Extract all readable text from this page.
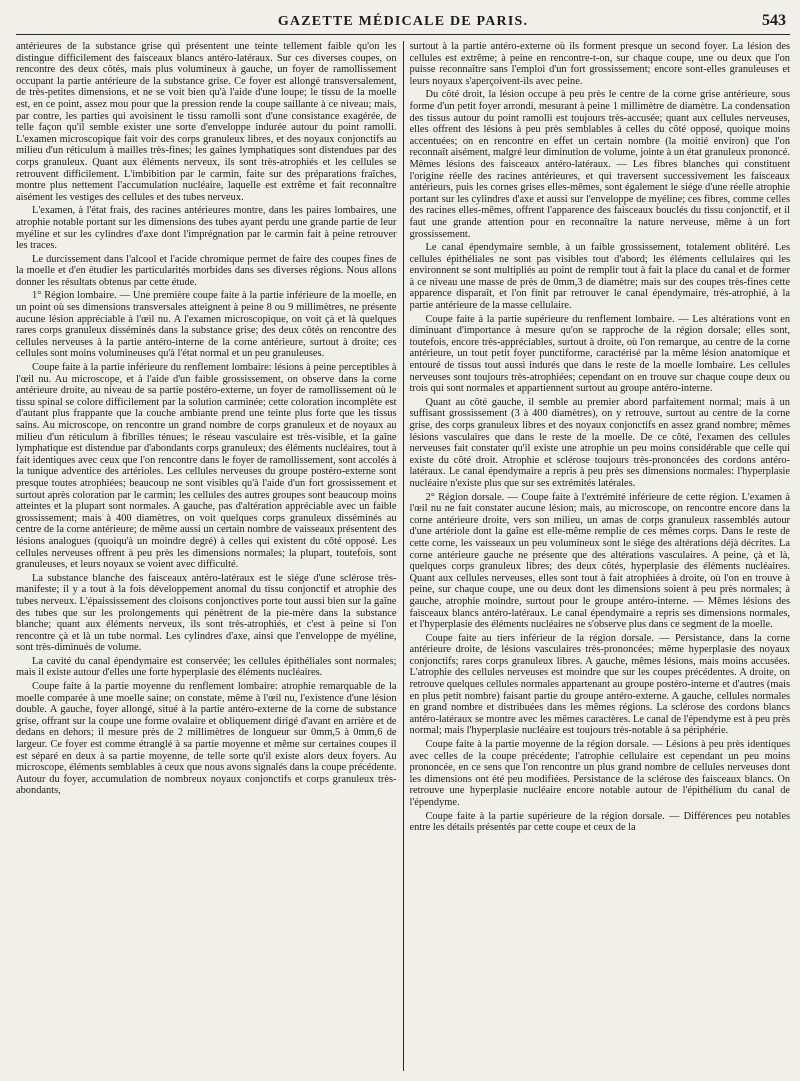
GAZETTE MÉDICALE DE PARIS.	543

antérieures de la substance grise qui présentent une teinte tellement faible qu'on les distingue difficilement des faisceaux blancs antéro-latéraux. Sur ces diverses coupes, on rencontre des deux côtés, mais plus volumineux à gauche, un foyer de ramollissement occupant la partie antérieure de la substance grise. Ce foyer est allongé transversalement, de très-petites dimensions, et ne se voit bien qu'à l'aide d'une loupe; le tissu de la moelle est, en ce point, assez mou pour que la pression rende la coupe saillante à ce niveau; mais, par contre, les parties qui avoisinent le tissu ramolli sont d'une consistance exagérée, de telle façon qu'il semble exister une sorte d'enveloppe indurée autour du point ramolli. L'examen microscopique fait voir des corps granuleux libres, et des noyaux conjonctifs au milieu d'un réticulum à mailles très-fines; les gaînes lymphatiques sont distendues par des corps granuleux. Quant aux éléments nerveux, ils sont très-atrophiés et les cellules se retrouvent difficilement. L'imbibition par le carmin, faite sur des préparations fraîches, montre plus nettement l'accumulation nucléaire, laquelle est extrême et fait reconnaître aisément les vestiges des cellules et des tubes nerveux.

L'examen, à l'état frais, des racines antérieures montre, dans les paires lombaires, une atrophie notable portant sur les dimensions des tubes ayant perdu une grande partie de leur myéline et sur les cylindres d'axe dont l'imprégnation par le carmin fait à peine retrouver les traces.

Le durcissement dans l'alcool et l'acide chromique permet de faire des coupes fines de la moelle et d'en étudier les particularités morbides dans ses diverses régions. Nous allons donner les résultats obtenus par cette étude.

1° Région lombaire. — Une première coupe faite à la partie inférieure de la moelle, en un point où ses dimensions transversales atteignent à peine 8 ou 9 millimètres, ne présente aucune lésion appréciable à l'œil nu. A l'examen microscopique, on voit çà et là quelques rares corps granuleux disséminés dans la substance grise; des deux côtés on rencontre des cellules nerveuses à la partie antéro-interne de la corne antérieure, surtout à droite; ces cellules sont moins volumineuses qu'à l'état normal et un peu granuleuses.

Coupe faite à la partie inférieure du renflement lombaire: lésions à peine perceptibles à l'œil nu. Au microscope, et à l'aide d'un faible grossissement, on observe dans la corne antérieure droite, au niveau de sa partie postéro-externe, un foyer de ramollissement où le tissu spinal se colore difficilement par la solution carminée; cette coloration incomplète est d'autant plus frappante que la couche ambiante prend une teinte plus forte que les tissus sains. Au microscope, on rencontre un grand nombre de corps granuleux et de noyaux au milieu d'un réticulum à fibrilles ténues; le réseau vasculaire est très-visible, et la gaîne lymphatique est distendue par d'abondants corps granuleux; des éléments nucléaires, tout à fait identiques avec ceux que l'on rencontre dans le foyer de ramollissement, sont accolés à la tunique adventice des artérioles. Les cellules nerveuses du groupe postéro-externe sont presque toutes atrophiées; beaucoup ne sont visibles qu'à l'aide d'un fort grossissement et surtout après coloration par le carmin; les cellules des autres groupes sont beaucoup moins atteintes et la plupart sont normales. A gauche, pas d'altération appréciable avec un faible grossissement; mais à 400 diamètres, on voit quelques corps granuleux disséminés au centre de la corne antérieure; de même aussi un certain nombre de vaisseaux présentent des lésions analogues (quoiqu'à un moindre degré) à celles qui existent du côté opposé. Les cellules nerveuses offrent à peu près les dimensions normales; la plupart, toutefois, sont granuleuses, et leurs noyaux se voient avec difficulté.

La substance blanche des faisceaux antéro-latéraux est le siége d'une sclérose très-manifeste; il y a tout à la fois développement anomal du tissu conjonctif et atrophie des tubes nerveux. L'épaississement des cloisons conjonctives porte tout aussi bien sur la gaîne des tubes que sur les prolongements qui pénètrent de la pie-mère dans la substance blanche; quant aux éléments nerveux, ils sont très-atrophiés, et c'est à peine si l'on rencontre çà et là un tube normal. Les cylindres d'axe, ainsi que l'enveloppe de myéline, sont très-diminués de volume.

La cavité du canal épendymaire est conservée; les cellules épithéliales sont normales; mais il existe autour d'elles une forte hyperplasie des éléments nucléaires.

Coupe faite à la partie moyenne du renflement lombaire: atrophie remarquable de la moelle comparée à une moelle saine; on constate, même à l'œil nu, l'existence d'une lésion double. A gauche, foyer allongé, situé à la partie antéro-externe de la corne de substance grise, offrant sur la coupe une forme ovalaire et obliquement dirigé d'avant en arrière et de dedans en dehors; il mesure près de 2 millimètres de longueur sur 0mm,5 à 0mm,6 de largeur. Ce foyer est comme étranglé à sa partie moyenne et même sur certaines coupes il est séparé en deux à sa partie moyenne, de telle sorte qu'il existe alors deux foyers. Au microscope, éléments semblables à ceux que nous avons signalés dans la coupe précédente. Autour du foyer, accumulation de nombreux noyaux conjonctifs et corps granuleux très-abondants,

surtout à la partie antéro-externe où ils forment presque un second foyer. La lésion des cellules est extrême; à peine en rencontre-t-on, sur chaque coupe, une ou deux que l'on puisse reconnaître sans l'emploi d'un fort grossissement; encore sont-elles granuleuses et leurs noyaux s'aperçoivent-ils avec peine.

Du côté droit, la lésion occupe à peu près le centre de la corne grise antérieure, sous forme d'un petit foyer arrondi, mesurant à peine 1 millimètre de diamètre. La condensation des tissus autour du point ramolli est toujours très-accusée; quant aux cellules nerveuses, elles offrent des lésions à peu près semblables à celles du côté opposé, quoique moins accentuées; on en rencontre en effet un certain nombre (la moitié environ) que l'on reconnaît aisément, malgré leur diminution de volume, jointe à un état granuleux prononcé. Mêmes lésions des faisceaux antéro-latéraux. — Les fibres blanches qui constituent l'origine réelle des racines antérieures, et qui traversent successivement les faisceaux antérieurs, puis les cornes grises elles-mêmes, sont également le siége d'une réelle atrophie portant sur les cylindres d'axe et aussi sur l'enveloppe de myéline; ces fibres, comme celles des racines elles-mêmes, offrent l'apparence des faisceaux bouclés du tissu conjonctif, et il faut une grande attention pour en reconnaître la nature nerveuse, même à un fort grossissement.

Le canal épendymaire semble, à un faible grossissement, totalement oblitéré. Les cellules épithéliales ne sont pas visibles tout d'abord; les éléments cellulaires qui les environnent se sont multipliés au point de remplir tout à fait la place du canal et de former à ce niveau une masse de près de 0mm,3 de diamètre; mais sur des coupes très-fines cette apparence disparaît, et l'on finit par retrouver le canal épendymaire, très-atrophié, à la partie antérieure de la masse cellulaire.

Coupe faite à la partie supérieure du renflement lombaire. — Les altérations vont en diminuant d'importance à mesure qu'on se rapproche de la région dorsale; elles sont, toutefois, encore très-appréciables, surtout à droite, où l'on remarque, au centre de la corne antérieure, un tout petit foyer punctiforme, caractérisé par la même lésion anatomique et entouré de tissus tout aussi indurés que dans le reste de la moelle lombaire. Les cellules nerveuses sont toujours très-atrophiées; cependant on en trouve sur chaque coupe deux ou trois qui sont normales et appartiennent surtout au groupe antéro-interne.

Quant au côté gauche, il semble au premier abord parfaitement normal; mais à un suffisant grossissement (3 à 400 diamètres), on y retrouve, surtout au centre de la corne grise, des corps granuleux libres et des noyaux conjonctifs en assez grand nombre; mêmes lésions vasculaires que dans le reste de la moelle. De ce côté, l'examen des cellules nerveuses fait constater qu'il existe une atrophie un peu moins considérable que celle qui existe du côté droit. Atrophie et sclérose toujours très-prononcées des cordons antéro-latéraux. Le canal épendymaire a repris à peu près ses dimensions normales: l'hyperplasie nucléaire n'existe plus que sur ses extrémités latérales.

2° Région dorsale. — Coupe faite à l'extrémité inférieure de cette région. L'examen à l'œil nu ne fait constater aucune lésion; mais, au microscope, on rencontre encore dans la corne antérieure droite, vers son milieu, un amas de corps granuleux rassemblés autour d'une artériole dont la gaîne est elle-même remplie de ces mêmes corps. Dans le reste de cette corne, les vaisseaux un peu volumineux sont le siége des altérations déjà décrites. La corne antérieure gauche ne présente que des altérations vasculaires. A peine, çà et là, quelques corps granuleux libres; des deux côtés, hyperplasie des éléments nucléaires. Quant aux cellules nerveuses, elles sont tout à fait atrophiées à droite, où l'on en trouve à peine, sur chaque coupe, une ou deux dont les dimensions soient à peu près normales; à gauche, atrophie moindre, surtout pour le groupe antéro-interne. — Mêmes lésions des faisceaux blancs antéro-latéraux. Le canal épendymaire a repris ses dimensions normales, et l'hyperplasie des éléments nucléaires ne s'observe plus dans ce segment de la moelle.

Coupe faite au tiers inférieur de la région dorsale. — Persistance, dans la corne antérieure droite, de lésions vasculaires très-prononcées; même hyperplasie des noyaux conjonctifs; rares corps granuleux libres. A gauche, mêmes lésions, mais moins accusées. L'atrophie des cellules nerveuses est moindre que sur les coupes précédentes. A droite, on retrouve quelques cellules normales appartenant au groupe postéro-interne et d'autres (mais en plus petit nombre) faisant partie du groupe antéro-externe. A gauche, cellules normales en grand nombre et distribuées dans les mêmes régions. La sclérose des cordons blancs antéro-latéraux se montre avec les mêmes caractères. Le canal de l'épendyme est à peu près normal; mais l'hyperplasie nucléaire est toujours très-notable à sa périphérie.

Coupe faite à la partie moyenne de la région dorsale. — Lésions à peu près identiques avec celles de la coupe précédente; l'atrophie cellulaire est cependant un peu moins prononcée, en ce sens que l'on rencontre un plus grand nombre de cellules nerveuses dont les dimensions ont été peu modifiées. Persistance de la sclérose des faisceaux blancs. On retrouve une hyperplasie nucléaire encore notable autour de l'épithélium du canal de l'épendyme.

Coupe faite à la partie supérieure de la région dorsale. — Différences peu notables entre les détails présentés par cette coupe et ceux de la
